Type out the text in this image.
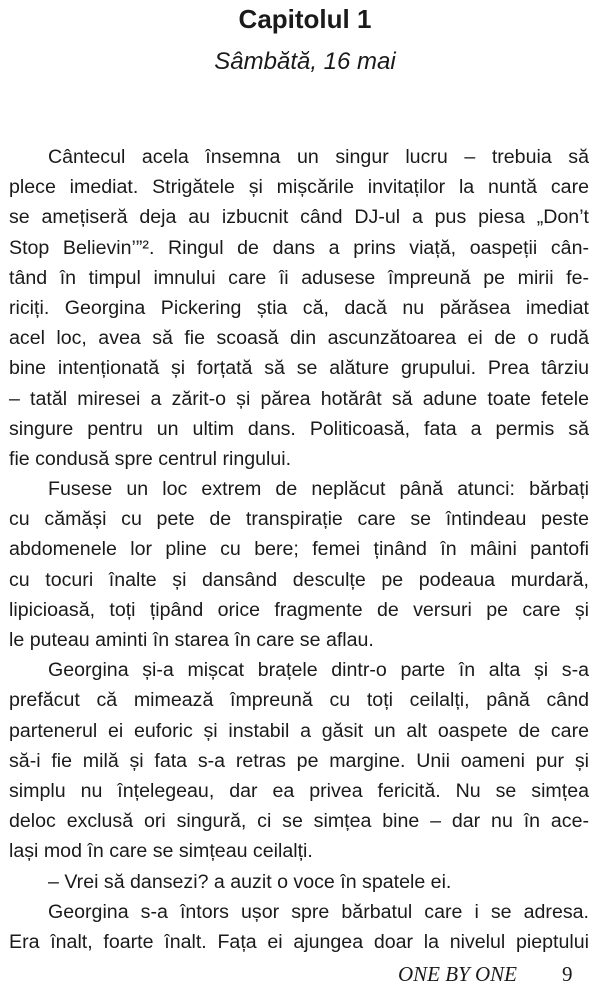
Capitolul 1
Sâmbătă, 16 mai
Cântecul acela însemna un singur lucru – trebuia să
plece imediat. Strigătele și mișcările invitaților la nuntă care
se amețiseră deja au izbucnit când DJ-ul a pus piesa „Don’t
Stop Believin’”². Ringul de dans a prins viață, oaspeții cân-
tând în timpul imnului care îi adusese împreună pe mirii fe-
riciți. Georgina Pickering știa că, dacă nu părăsea imediat
acel loc, avea să fie scoasă din ascunzătoarea ei de o rudă
bine intenționată și forțată să se alăture grupului. Prea târziu
– tatăl miresei a zărit-o și părea hotărât să adune toate fetele
singure pentru un ultim dans. Politicoasă, fata a permis să
fie condusă spre centrul ringului.
Fusese un loc extrem de neplăcut până atunci: bărbați
cu cămăși cu pete de transpirație care se întindeau peste
abdomenele lor pline cu bere; femei ținând în mâini pantofi
cu tocuri înalte și dansând desculțe pe podeaua murdară,
lipicioasă, toți țipând orice fragmente de versuri pe care și
le puteau aminti în starea în care se aflau.
Georgina și-a mișcat brațele dintr-o parte în alta și s-a
prefăcut că mimează împreună cu toți ceilalți, până când
partenerul ei euforic și instabil a găsit un alt oaspete de care
să-i fie milă și fata s-a retras pe margine. Unii oameni pur și
simplu nu înțelegeau, dar ea privea fericită. Nu se simțea
deloc exclusă ori singură, ci se simțea bine – dar nu în ace-
lași mod în care se simțeau ceilalți.
– Vrei să dansezi? a auzit o voce în spatele ei.
Georgina s-a întors ușor spre bărbatul care i se adresa.
Era înalt, foarte înalt. Fața ei ajungea doar la nivelul pieptului
ONE BY ONE 9
